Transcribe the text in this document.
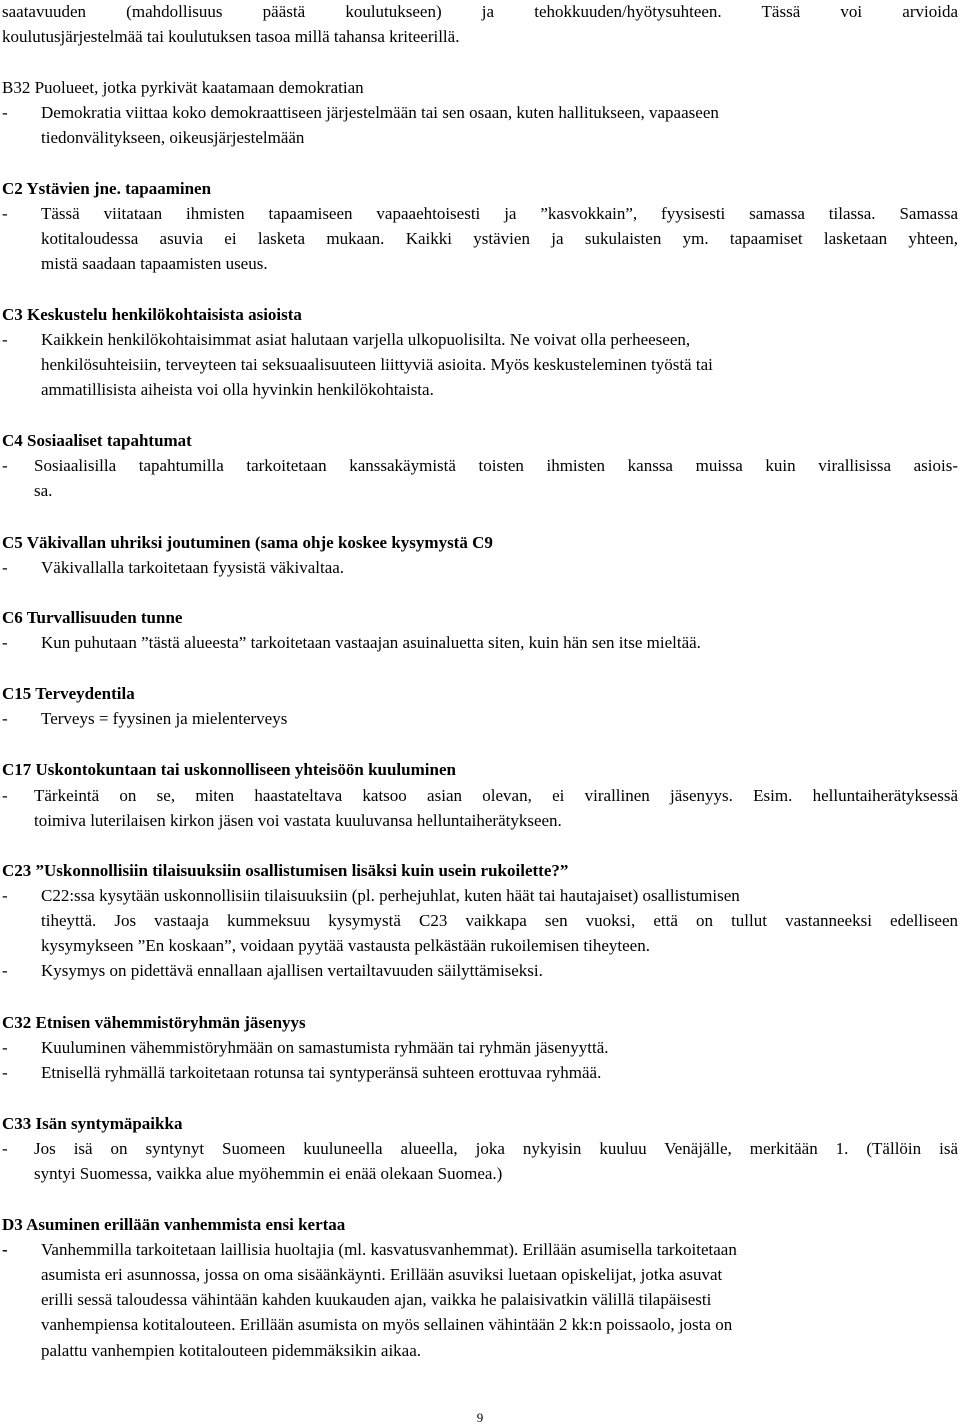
saatavuuden (mahdollisuus päästä koulutukseen) ja tehokkuuden/hyötysuhteen. Tässä voi arvioida
koulutusjärjestelmää tai koulutuksen tasoa millä tahansa kriteerillä.
B32 Puolueet, jotka pyrkivät kaatamaan demokratian
-	Demokratia viittaa koko demokraattiseen järjestelmään tai sen osaan, kuten hallitukseen, vapaaseen
tiedonvälitykseen, oikeusjärjestelmään
C2 Ystävien jne. tapaaminen
-	Tässä viitataan ihmisten tapaamiseen vapaaehtoisesti ja ”kasvokkain”, fyysisesti samassa tilassa. Samassa
kotitaloudessa asuvia ei lasketa mukaan. Kaikki ystävien ja sukulaisten ym. tapaamiset lasketaan yhteen,
mistä saadaan tapaamisten useus.
C3 Keskustelu henkilökohtaisista asioista
-	Kaikkein henkilökohtaisimmat asiat halutaan varjella ulkopuolisilta. Ne voivat olla perheeseen,
henkilösuhteisiin, terveyteen tai seksuaalisuuteen liittyviä asioita. Myös keskusteleminen työstä tai
ammatillisista aiheista voi olla hyvinkin henkilökohtaista.
C4 Sosiaaliset tapahtumat
-	Sosiaalisilla tapahtumilla tarkoitetaan kanssakäymistä toisten ihmisten kanssa muissa kuin virallisissa asiois-
sa.
C5 Väkivallan uhriksi joutuminen (sama ohje koskee kysymystä C9
-	Väkivallalla tarkoitetaan fyysistä väkivaltaa.
C6 Turvallisuuden tunne
-	Kun puhutaan ”tästä alueesta” tarkoitetaan vastaajan asuinaluetta siten, kuin hän sen itse mieltää.
C15 Terveydentila
-	Terveys = fyysinen ja mielenterveys
C17 Uskontokuntaan tai uskonnolliseen yhteisöön kuuluminen
-	Tärkeintä on se, miten haastateltava katsoo asian olevan, ei virallinen jäsenyys. Esim. helluntaiherätyksessä
toimiva luterilaisen kirkon jäsen voi vastata kuuluvansa helluntaiherätykseen.
C23 ”Uskonnollisiin tilaisuuksiin osallistumisen lisäksi kuin usein rukoilette?”
-	C22:ssa kysytään uskonnollisiin tilaisuuksiin (pl. perhejuhlat, kuten häät tai hautajaiset) osallistumisen
tiheyttä. Jos vastaaja kummeksuu kysymystä C23 vaikkapa sen vuoksi, että on tullut vastanneeksi edelliseen
kysymykseen ”En koskaan”, voidaan pyytää vastausta pelkästään rukoilemisen tiheyteen.
-	Kysymys on pidettävä ennallaan ajallisen vertailtavuuden säilyttämiseksi.
C32 Etnisen vähemmistöryhmän jäsenyys
-	Kuuluminen vähemmistöryhmään on samastumista ryhmään tai ryhmän jäsenyyttä.
-	Etnisellä ryhmällä tarkoitetaan rotunsa tai syntyperänsä suhteen erottuvaa ryhmää.
C33 Isän syntymäpaikka
-	Jos isä on syntynyt Suomeen kuuluneella alueella, joka nykyisin kuuluu Venäjälle, merkitään 1. (Tällöin isä
syntyi Suomessa, vaikka alue myöhemmin ei enää olekaan Suomea.)
D3 Asuminen erillään vanhemmista ensi kertaa
-	Vanhemmilla tarkoitetaan laillisia huoltajia (ml. kasvatusvanhemmat). Erillään asumisella tarkoitetaan
asumista eri asunnossa, jossa on oma sisäänkäynti. Erillään asuviksi luetaan opiskelijat, jotka asuvat
erilli sessä taloudessa vähintään kahden kuukauden ajan, vaikka he palaisivatkin välillä tilapäisesti
vanhempiensa kotitalouteen. Erillään asumista on myös sellainen vähintään 2 kk:n poissaolo, josta on
palattu vanhempien kotitalouteen pidemmäksikin aikaa.
9
